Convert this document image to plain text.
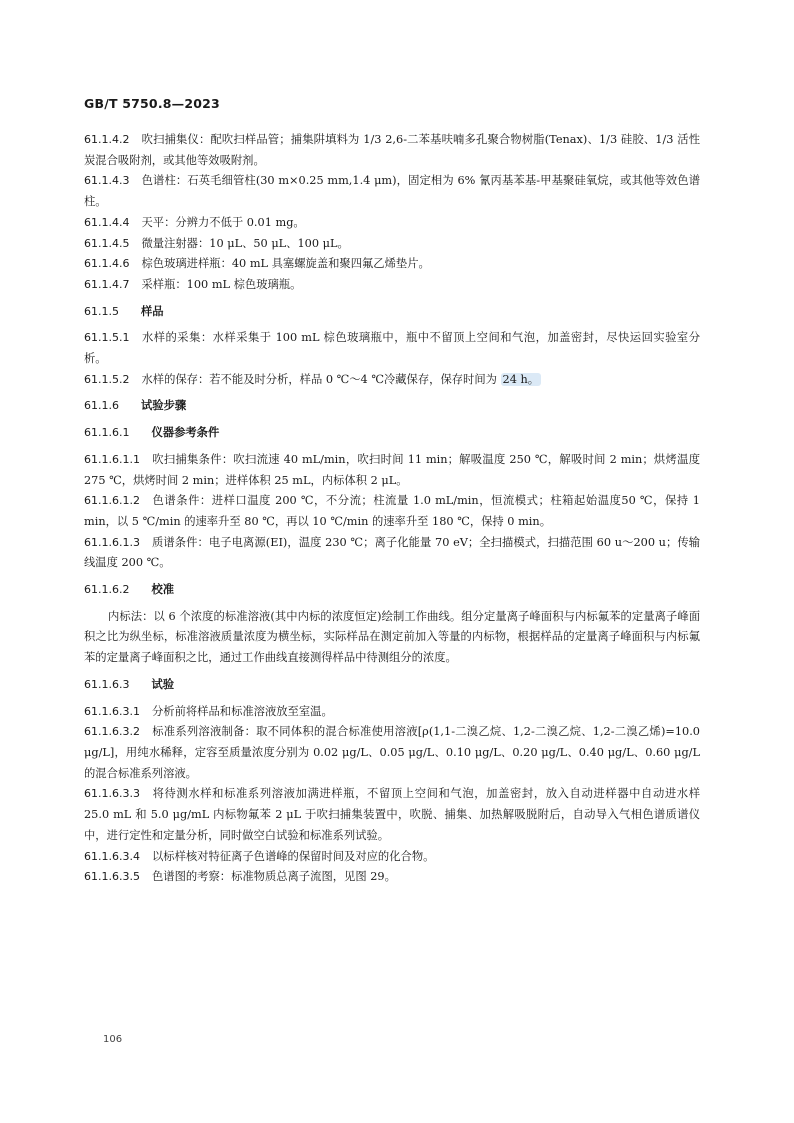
GB/T 5750.8—2023

61.1.4.2 吹扫捕集仪：配吹扫样品管；捕集阱填料为 1/3 2,6-二苯基呋喃多孔聚合物树脂(Tenax)、1/3 硅胶、1/3 活性炭混合吸附剂，或其他等效吸附剂。

61.1.4.3 色谱柱：石英毛细管柱(30 m×0.25 mm,1.4 μm)，固定相为 6% 氰丙基苯基-甲基聚硅氧烷，或其他等效色谱柱。

61.1.4.4 天平：分辨力不低于 0.01 mg。

61.1.4.5 微量注射器：10 μL、50 μL、100 μL。

61.1.4.6 棕色玻璃进样瓶：40 mL 具塞螺旋盖和聚四氟乙烯垫片。

61.1.4.7 采样瓶：100 mL 棕色玻璃瓶。

61.1.5 样品

61.1.5.1 水样的采集：水样采集于 100 mL 棕色玻璃瓶中，瓶中不留顶上空间和气泡，加盖密封，尽快运回实验室分析。

61.1.5.2 水样的保存：若不能及时分析，样品 0 ℃～4 ℃冷藏保存，保存时间为 24 h。

61.1.6 试验步骤

61.1.6.1 仪器参考条件

61.1.6.1.1 吹扫捕集条件：吹扫流速 40 mL/min，吹扫时间 11 min；解吸温度 250 ℃，解吸时间 2 min；烘烤温度 275 ℃，烘烤时间 2 min；进样体积 25 mL，内标体积 2 μL。

61.1.6.1.2 色谱条件：进样口温度 200 ℃，不分流；柱流量 1.0 mL/min，恒流模式；柱箱起始温度50 ℃，保持 1 min，以 5 ℃/min 的速率升至 80 ℃，再以 10 ℃/min 的速率升至 180 ℃，保持 0 min。

61.1.6.1.3 质谱条件：电子电离源(EI)，温度 230 ℃；离子化能量 70 eV；全扫描模式，扫描范围 60 u～200 u；传输线温度 200 ℃。

61.1.6.2 校准

内标法：以 6 个浓度的标准溶液(其中内标的浓度恒定)绘制工作曲线。组分定量离子峰面积与内标氟苯的定量离子峰面积之比为纵坐标，标准溶液质量浓度为横坐标，实际样品在测定前加入等量的内标物，根据样品的定量离子峰面积与内标氟苯的定量离子峰面积之比，通过工作曲线直接测得样品中待测组分的浓度。

61.1.6.3 试验

61.1.6.3.1 分析前将样品和标准溶液放至室温。

61.1.6.3.2 标准系列溶液制备：取不同体积的混合标准使用溶液[ρ(1,1-二溴乙烷、1,2-二溴乙烷、1,2-二溴乙烯)=10.0 μg/L]，用纯水稀释，定容至质量浓度分别为 0.02 μg/L、0.05 μg/L、0.10 μg/L、0.20 μg/L、0.40 μg/L、0.60 μg/L 的混合标准系列溶液。

61.1.6.3.3 将待测水样和标准系列溶液加满进样瓶，不留顶上空间和气泡，加盖密封，放入自动进样器中自动进水样 25.0 mL 和 5.0 μg/mL 内标物氟苯 2 μL 于吹扫捕集装置中，吹脱、捕集、加热解吸脱附后，自动导入气相色谱质谱仪中，进行定性和定量分析，同时做空白试验和标准系列试验。

61.1.6.3.4 以标样核对特征离子色谱峰的保留时间及对应的化合物。

61.1.6.3.5 色谱图的考察：标准物质总离子流图，见图 29。

106
